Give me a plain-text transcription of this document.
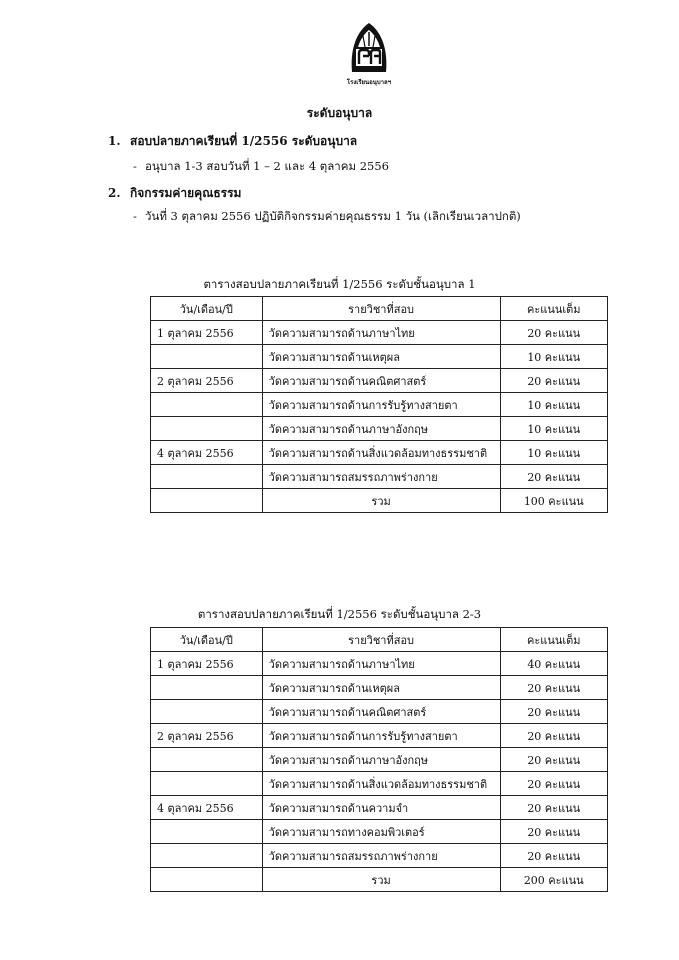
โรงเรียนอนุบาลฯ
ระดับอนุบาล
1. สอบปลายภาคเรียนที่ 1/2556 ระดับอนุบาล
- อนุบาล 1-3 สอบวันที่ 1 – 2 และ 4 ตุลาคม 2556
2. กิจกรรมค่ายคุณธรรม
- วันที่ 3 ตุลาคม 2556 ปฏิบัติกิจกรรมค่ายคุณธรรม 1 วัน (เลิกเรียนเวลาปกติ)
ตารางสอบปลายภาคเรียนที่ 1/2556 ระดับชั้นอนุบาล 1
วัน/เดือน/ปี	รายวิชาที่สอบ	คะแนนเต็ม
1 ตุลาคม 2556	วัดความสามารถด้านภาษาไทย	20 คะแนน
	วัดความสามารถด้านเหตุผล	10 คะแนน
2 ตุลาคม 2556	วัดความสามารถด้านคณิตศาสตร์	20 คะแนน
	วัดความสามารถด้านการรับรู้ทางสายตา	10 คะแนน
	วัดความสามารถด้านภาษาอังกฤษ	10 คะแนน
4 ตุลาคม 2556	วัดความสามารถด้านสิ่งแวดล้อมทางธรรมชาติ	10 คะแนน
	วัดความสามารถสมรรถภาพร่างกาย	20 คะแนน
	รวม	100 คะแนน
ตารางสอบปลายภาคเรียนที่ 1/2556 ระดับชั้นอนุบาล 2-3
วัน/เดือน/ปี	รายวิชาที่สอบ	คะแนนเต็ม
1 ตุลาคม 2556	วัดความสามารถด้านภาษาไทย	40 คะแนน
	วัดความสามารถด้านเหตุผล	20 คะแนน
	วัดความสามารถด้านคณิตศาสตร์	20 คะแนน
2 ตุลาคม 2556	วัดความสามารถด้านการรับรู้ทางสายตา	20 คะแนน
	วัดความสามารถด้านภาษาอังกฤษ	20 คะแนน
	วัดความสามารถด้านสิ่งแวดล้อมทางธรรมชาติ	20 คะแนน
4 ตุลาคม 2556	วัดความสามารถด้านความจำ	20 คะแนน
	วัดความสามารถทางคอมพิวเตอร์	20 คะแนน
	วัดความสามารถสมรรถภาพร่างกาย	20 คะแนน
	รวม	200 คะแนน
